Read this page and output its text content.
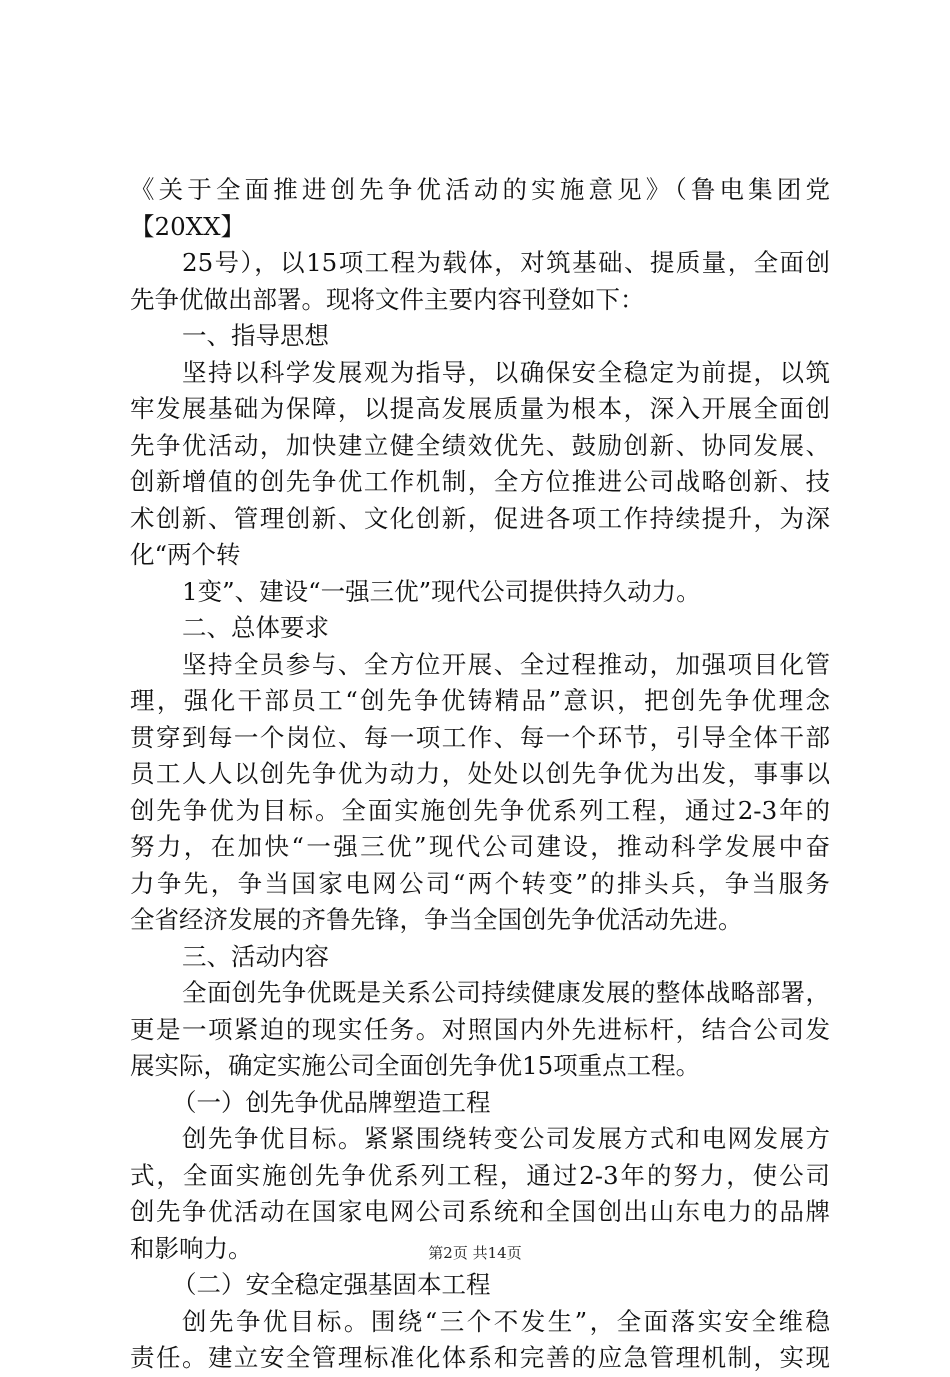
《关于全面推进创先争优活动的实施意见》（鲁电集团党
【20XX】
25号），以15项工程为载体，对筑基础、提质量，全面创
先争优做出部署。现将文件主要内容刊登如下：
一、指导思想
坚持以科学发展观为指导，以确保安全稳定为前提，以筑
牢发展基础为保障，以提高发展质量为根本，深入开展全面创
先争优活动，加快建立健全绩效优先、鼓励创新、协同发展、
创新增值的创先争优工作机制，全方位推进公司战略创新、技
术创新、管理创新、文化创新，促进各项工作持续提升，为深
化“两个转
1变”、建设“一强三优”现代公司提供持久动力。
二、总体要求
坚持全员参与、全方位开展、全过程推动，加强项目化管
理，强化干部员工“创先争优铸精品”意识，把创先争优理念
贯穿到每一个岗位、每一项工作、每一个环节，引导全体干部
员工人人以创先争优为动力，处处以创先争优为出发，事事以
创先争优为目标。全面实施创先争优系列工程，通过2-3年的
努力，在加快“一强三优”现代公司建设，推动科学发展中奋
力争先，争当国家电网公司“两个转变”的排头兵，争当服务
全省经济发展的齐鲁先锋，争当全国创先争优活动先进。
三、活动内容
全面创先争优既是关系公司持续健康发展的整体战略部署，
更是一项紧迫的现实任务。对照国内外先进标杆，结合公司发
展实际，确定实施公司全面创先争优15项重点工程。
（一）创先争优品牌塑造工程
创先争优目标。紧紧围绕转变公司发展方式和电网发展方
式，全面实施创先争优系列工程，通过2-3年的努力，使公司
创先争优活动在国家电网公司系统和全国创出山东电力的品牌
和影响力。
（二）安全稳定强基固本工程
创先争优目标。围绕“三个不发生”，全面落实安全维稳
责任。建立安全管理标准化体系和完善的应急管理机制，实现
第2页 共14页
